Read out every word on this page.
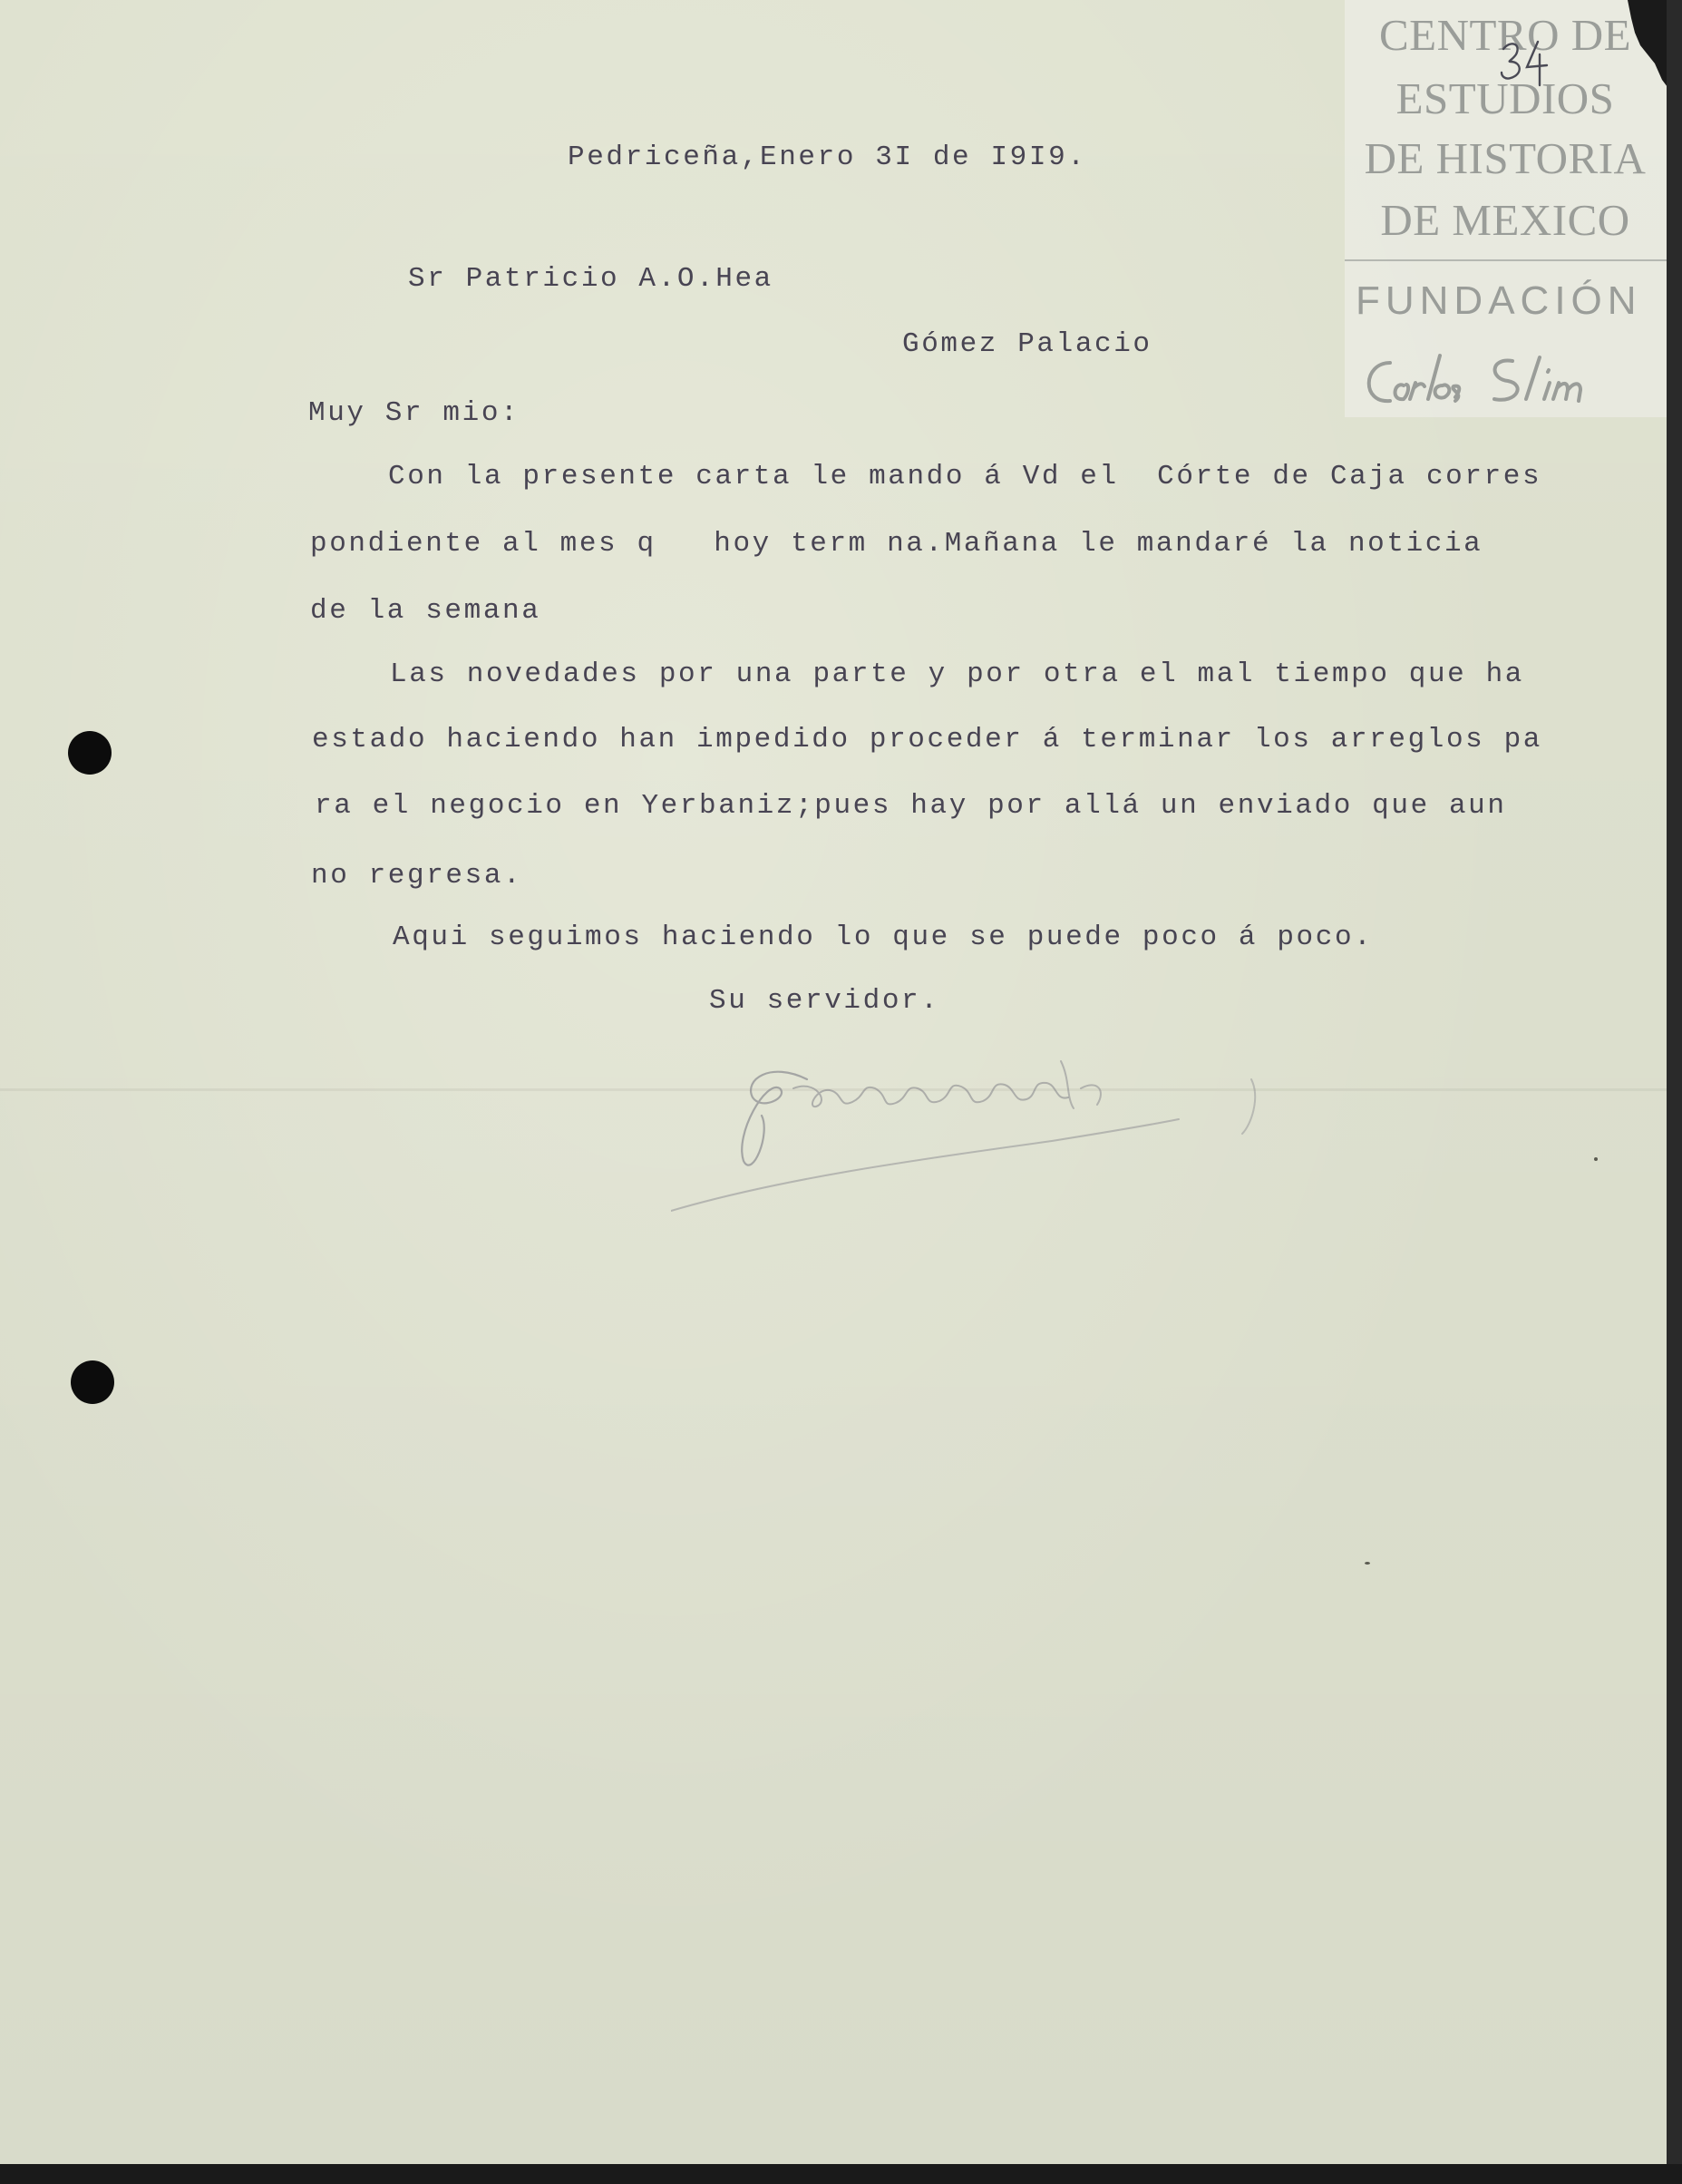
CENTRO DE
ESTUDIOS
DE HISTORIA
DE MEXICO
FUNDACIÓN
Pedriceña,Enero 3I de I9I9.
Sr Patricio A.O.Hea
Gómez Palacio
Muy Sr mio:
Con la presente carta le mando á Vd el  Córte de Caja corres
pondiente al mes q   hoy term na.Mañana le mandaré la noticia
de la semana
Las novedades por una parte y por otra el mal tiempo que ha
estado haciendo han impedido proceder á terminar los arreglos pa
ra el negocio en Yerbaniz;pues hay por allá un enviado que aun
no regresa.
Aqui seguimos haciendo lo que se puede poco á poco.
Su servidor.
